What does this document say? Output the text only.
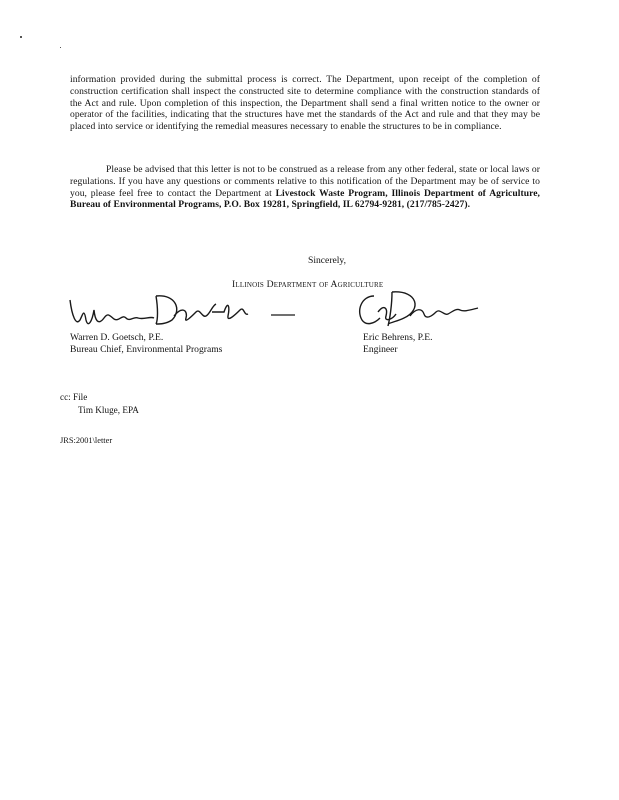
information provided during the submittal process is correct. The Department, upon receipt of the completion of construction certification shall inspect the constructed site to determine compliance with the construction standards of the Act and rule. Upon completion of this inspection, the Department shall send a final written notice to the owner or operator of the facilities, indicating that the structures have met the standards of the Act and rule and that they may be placed into service or identifying the remedial measures necessary to enable the structures to be in compliance.
Please be advised that this letter is not to be construed as a release from any other federal, state or local laws or regulations. If you have any questions or comments relative to this notification of the Department may be of service to you, please feel free to contact the Department at Livestock Waste Program, Illinois Department of Agriculture, Bureau of Environmental Programs, P.O. Box 19281, Springfield, IL 62794-9281, (217/785-2427).
Sincerely,
Illinois Department of Agriculture
Warren D. Goetsch, P.E.
Bureau Chief, Environmental Programs
Eric Behrens, P.E.
Engineer
cc: File
Tim Kluge, EPA
JRS:2001\letter
